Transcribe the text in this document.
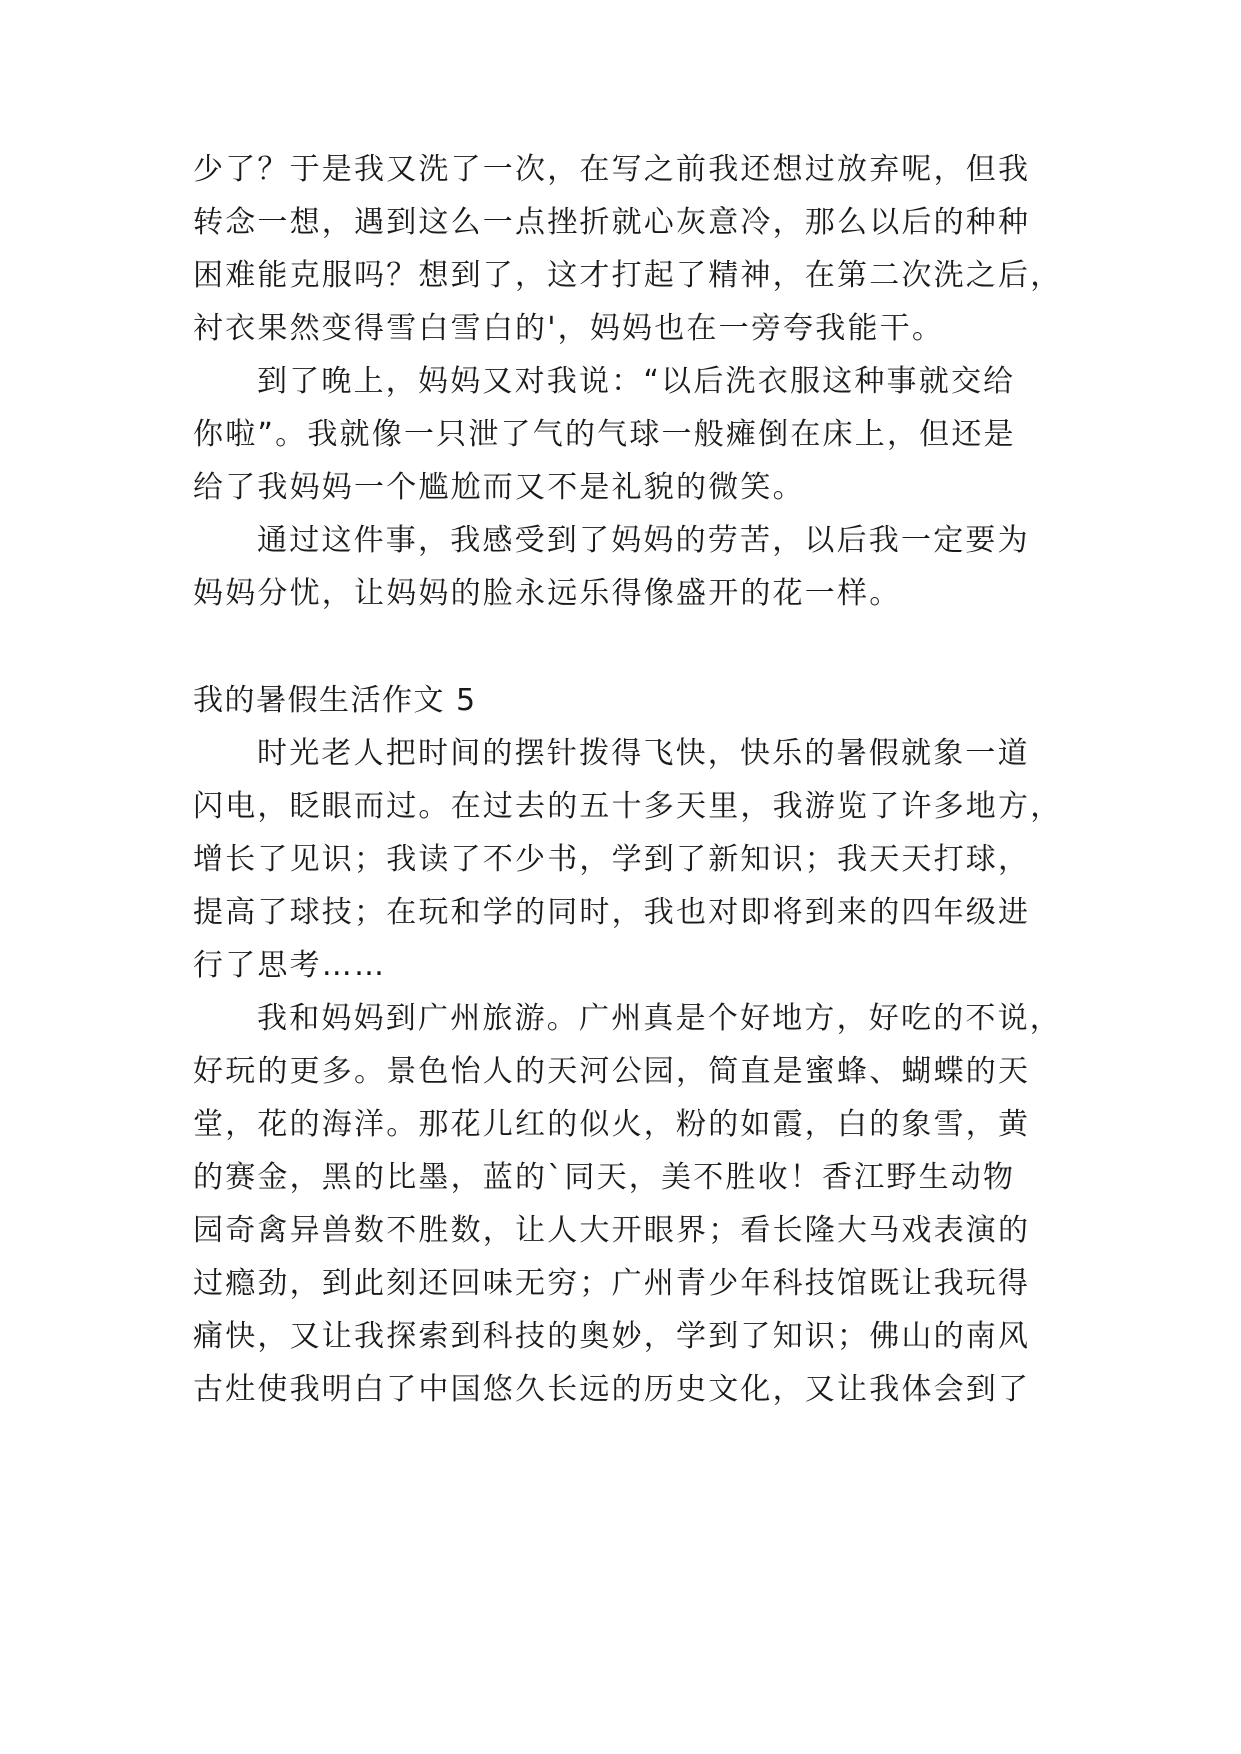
少了？于是我又洗了一次，在写之前我还想过放弃呢，但我
转念一想，遇到这么一点挫折就心灰意冷，那么以后的种种
困难能克服吗？想到了，这才打起了精神，在第二次洗之后，
衬衣果然变得雪白雪白的'，妈妈也在一旁夸我能干。
到了晚上，妈妈又对我说：“以后洗衣服这种事就交给
你啦”。我就像一只泄了气的气球一般瘫倒在床上，但还是
给了我妈妈一个尴尬而又不是礼貌的微笑。
通过这件事，我感受到了妈妈的劳苦，以后我一定要为
妈妈分忧，让妈妈的脸永远乐得像盛开的花一样。
我的暑假生活作文 5
时光老人把时间的摆针拨得飞快，快乐的暑假就象一道
闪电，眨眼而过。在过去的五十多天里，我游览了许多地方，
增长了见识；我读了不少书，学到了新知识；我天天打球，
提高了球技；在玩和学的同时，我也对即将到来的四年级进
行了思考……
我和妈妈到广州旅游。广州真是个好地方，好吃的不说，
好玩的更多。景色怡人的天河公园，简直是蜜蜂、蝴蝶的天
堂，花的海洋。那花儿红的似火，粉的如霞，白的象雪，黄
的赛金，黑的比墨，蓝的`同天，美不胜收！香江野生动物
园奇禽异兽数不胜数，让人大开眼界；看长隆大马戏表演的
过瘾劲，到此刻还回味无穷；广州青少年科技馆既让我玩得
痛快，又让我探索到科技的奥妙，学到了知识；佛山的南风
古灶使我明白了中国悠久长远的历史文化，又让我体会到了
